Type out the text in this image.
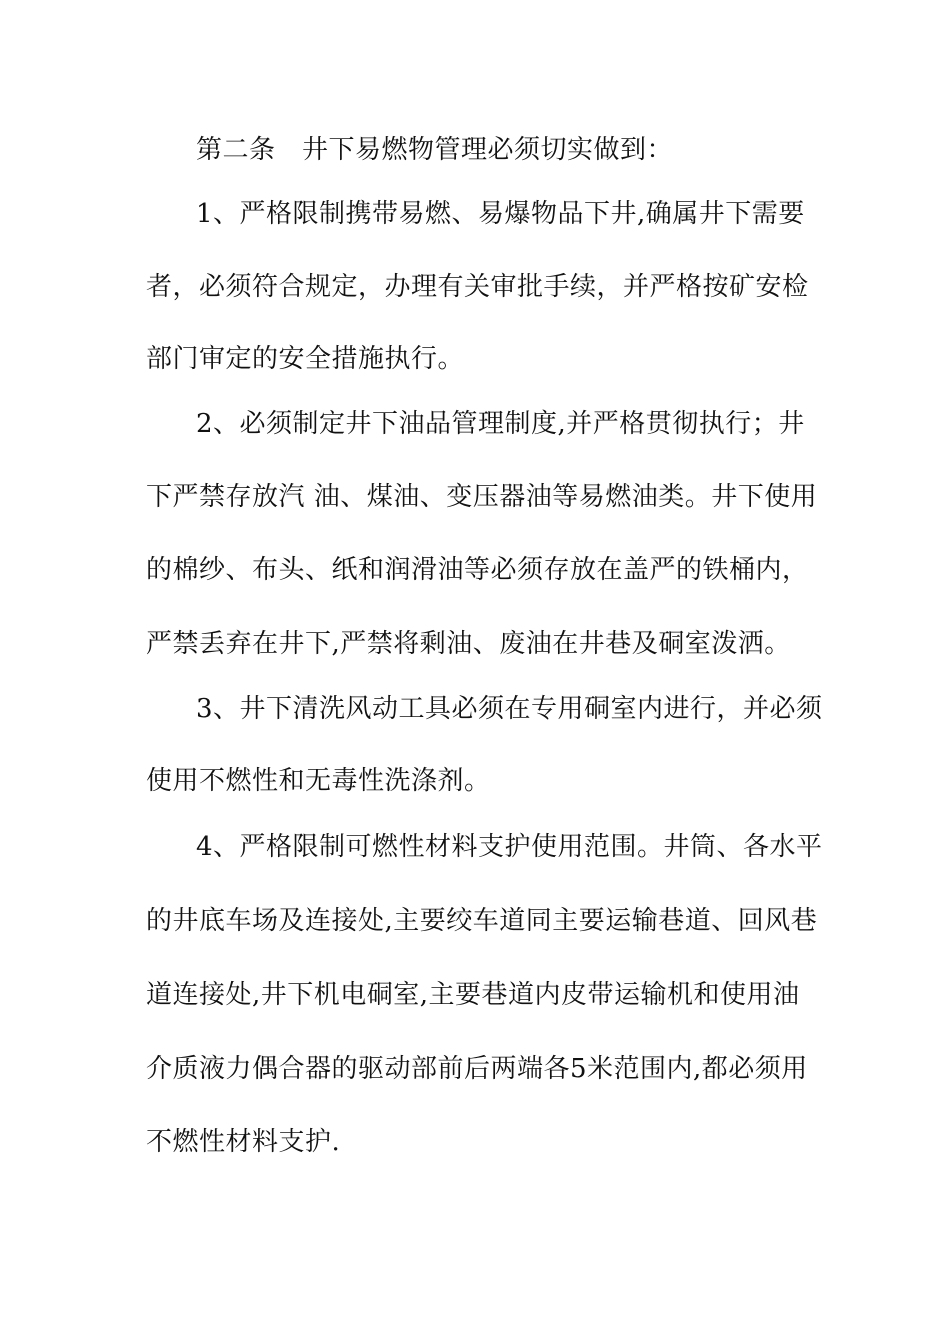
第二条　井下易燃物管理必须切实做到：
1、严格限制携带易燃、易爆物品下井,确属井下需要
者，必须符合规定，办理有关审批手续，并严格按矿安检
部门审定的安全措施执行。
2、必须制定井下油品管理制度,并严格贯彻执行；井
下严禁存放汽 油、煤油、变压器油等易燃油类。井下使用
的棉纱、布头、纸和润滑油等必须存放在盖严的铁桶内，
严禁丢弃在井下,严禁将剩油、废油在井巷及硐室泼洒。
3、井下清洗风动工具必须在专用硐室内进行，并必须
使用不燃性和无毒性洗涤剂。
4、严格限制可燃性材料支护使用范围。井筒、各水平
的井底车场及连接处,主要绞车道同主要运输巷道、回风巷
道连接处,井下机电硐室,主要巷道内皮带运输机和使用油
介质液力偶合器的驱动部前后两端各5米范围内,都必须用
不燃性材料支护.
